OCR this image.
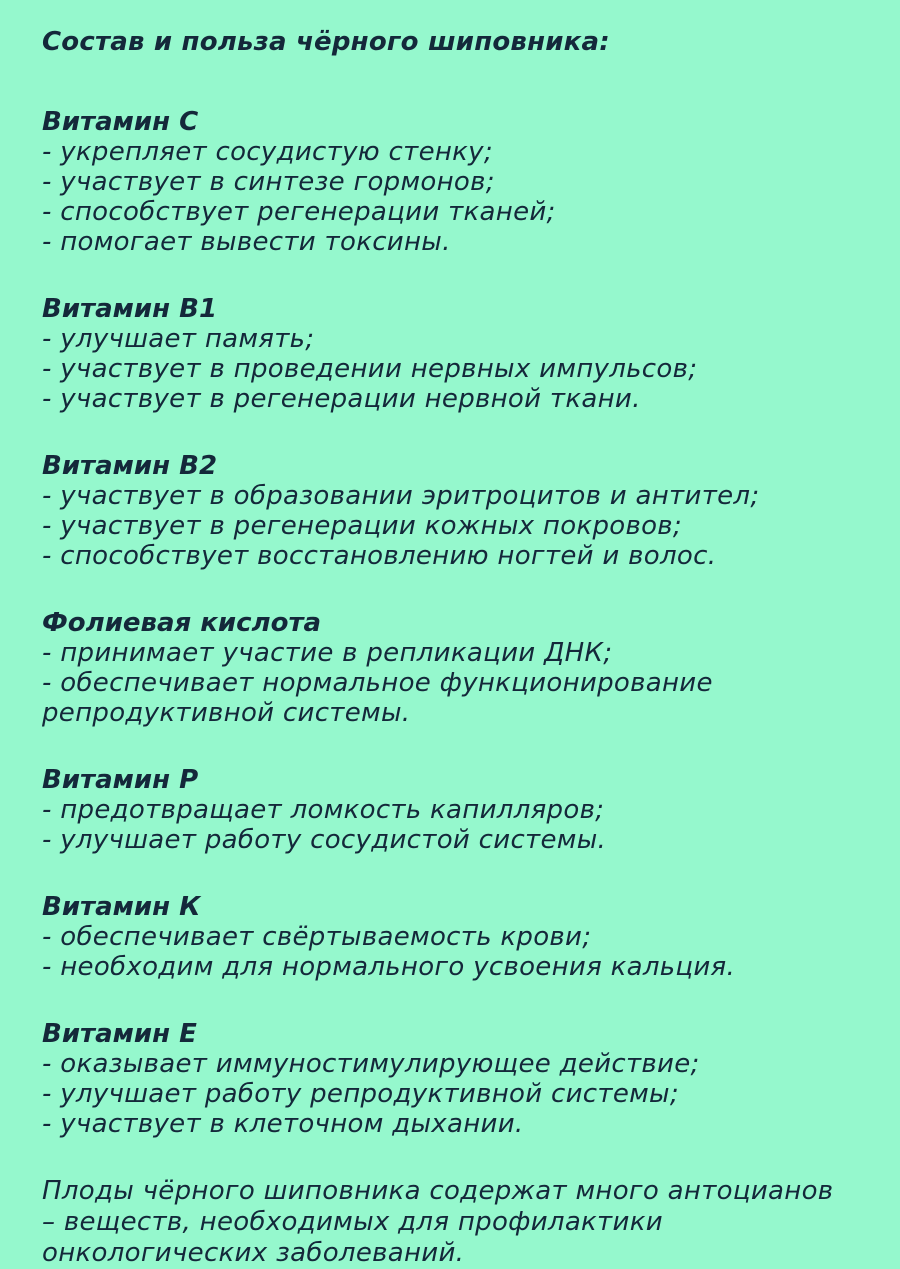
Состав и польза чёрного шиповника:
Витамин С
- укрепляет сосудистую стенку;
- участвует в синтезе гормонов;
- способствует регенерации тканей;
- помогает вывести токсины.
Витамин В1
- улучшает память;
- участвует в проведении нервных импульсов;
- участвует в регенерации нервной ткани.
Витамин В2
- участвует в образовании эритроцитов и антител;
- участвует в регенерации кожных покровов;
- способствует восстановлению ногтей и волос.
Фолиевая кислота
- принимает участие в репликации ДНК;
- обеспечивает нормальное функционирование
репродуктивной системы.
Витамин Р
- предотвращает ломкость капилляров;
- улучшает работу сосудистой системы.
Витамин К
- обеспечивает свёртываемость крови;
- необходим для нормального усвоения кальция.
Витамин Е
- оказывает иммуностимулирующее действие;
- улучшает работу репродуктивной системы;
- участвует в клеточном дыхании.
Плоды чёрного шиповника содержат много антоцианов
– веществ, необходимых для профилактики
онкологических заболеваний.
